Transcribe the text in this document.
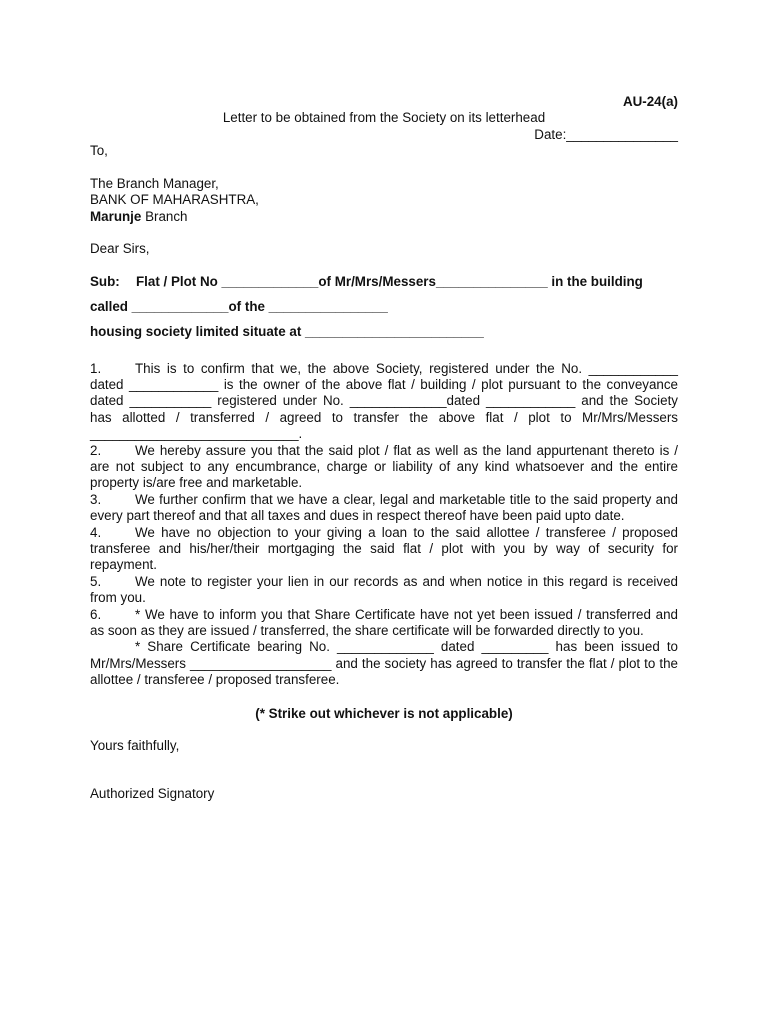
AU-24(a)
Letter to be obtained from the Society on its letterhead
Date:_______________
To,
The Branch Manager,
BANK OF MAHARASHTRA,
Marunje Branch
Dear Sirs,
Sub: Flat / Plot No _____________of Mr/Mrs/Messers_______________ in the building
called _____________of the ________________
housing society limited situate at ________________________
1.	This is to confirm that we, the above Society, registered under the No. ____________ dated ____________ is the owner of the above flat / building / plot pursuant to the conveyance dated ___________ registered under No. _____________dated ____________ and the Society has allotted / transferred / agreed to transfer the above flat / plot to Mr/Mrs/Messers ____________________________.
2.	We hereby assure you that the said plot / flat as well as the land appurtenant thereto is / are not subject to any encumbrance, charge or liability of any kind whatsoever and the entire property is/are free and marketable.
3.	We further confirm that we have a clear, legal and marketable title to the said property and every part thereof and that all taxes and dues in respect thereof have been paid upto date.
4.	We have no objection to your giving a loan to the said allottee / transferee / proposed transferee and his/her/their mortgaging the said flat / plot with you by way of security for repayment.
5.	We note to register your lien in our records as and when notice in this regard is received from you.
6.	* We have to inform you that Share Certificate have not yet been issued / transferred and as soon as they are issued / transferred, the share certificate will be forwarded directly to you.
* Share Certificate bearing No. _____________ dated _________ has been issued to Mr/Mrs/Messers ___________________ and the society has agreed to transfer the flat / plot to the allottee / transferee / proposed transferee.
(* Strike out whichever is not applicable)
Yours faithfully,
Authorized Signatory
